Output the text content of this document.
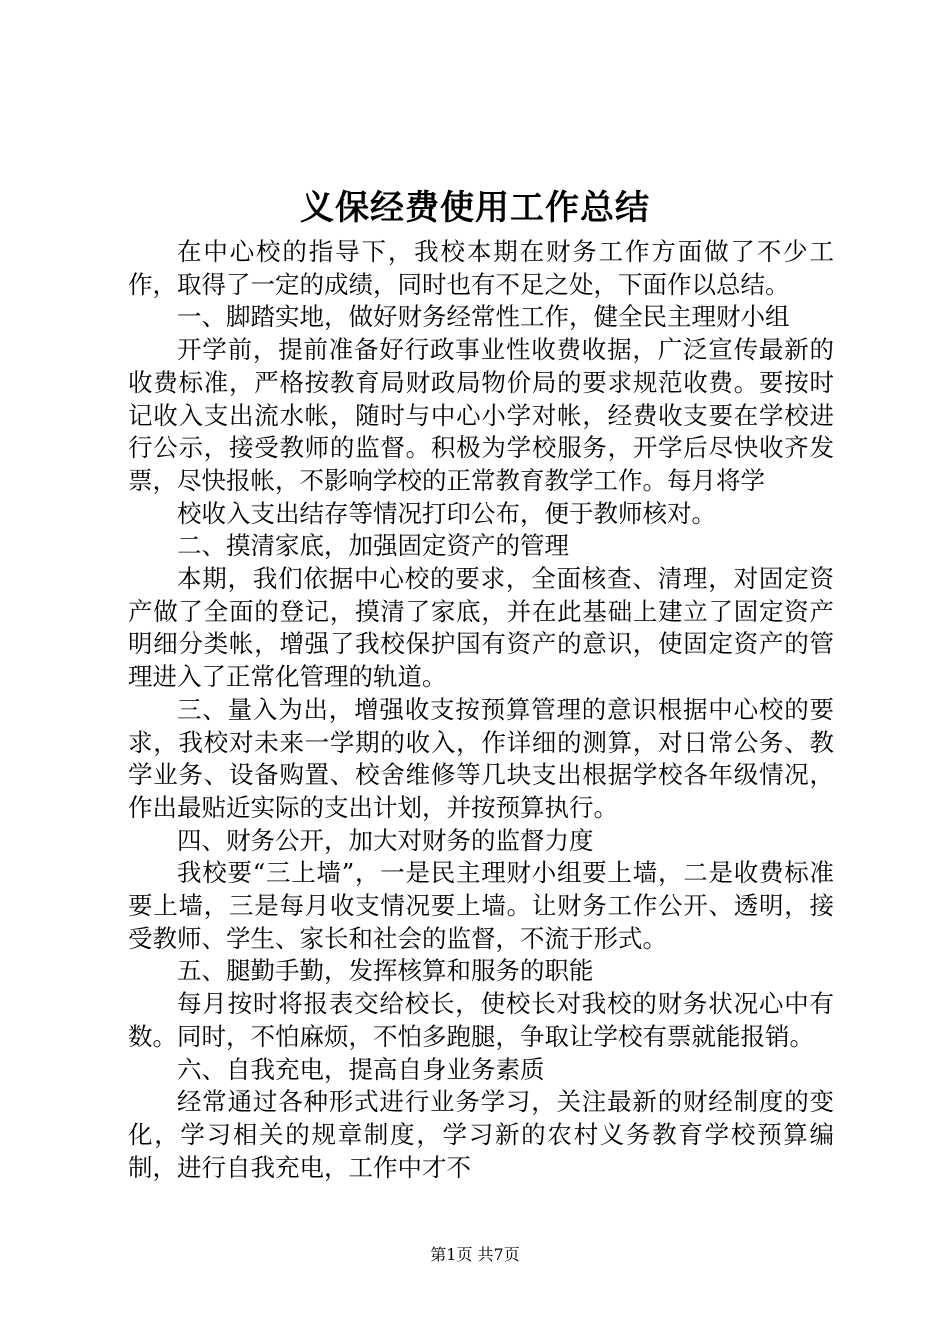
义保经费使用工作总结

在中心校的指导下，我校本期在财务工作方面做了不少工作，取得了一定的成绩，同时也有不足之处，下面作以总结。

一、脚踏实地，做好财务经常性工作，健全民主理财小组

开学前，提前准备好行政事业性收费收据，广泛宣传最新的收费标准，严格按教育局财政局物价局的要求规范收费。要按时记收入支出流水帐，随时与中心小学对帐，经费收支要在学校进行公示，接受教师的监督。积极为学校服务，开学后尽快收齐发票，尽快报帐，不影响学校的正常教育教学工作。每月将学

校收入支出结存等情况打印公布，便于教师核对。

二、摸清家底，加强固定资产的管理

本期，我们依据中心校的要求，全面核查、清理，对固定资产做了全面的登记，摸清了家底，并在此基础上建立了固定资产明细分类帐，增强了我校保护国有资产的意识，使固定资产的管理进入了正常化管理的轨道。

三、量入为出，增强收支按预算管理的意识根据中心校的要求，我校对未来一学期的收入，作详细的测算，对日常公务、教学业务、设备购置、校舍维修等几块支出根据学校各年级情况，作出最贴近实际的支出计划，并按预算执行。

四、财务公开，加大对财务的监督力度

我校要“三上墙”，一是民主理财小组要上墙，二是收费标准要上墙，三是每月收支情况要上墙。让财务工作公开、透明，接受教师、学生、家长和社会的监督，不流于形式。

五、腿勤手勤，发挥核算和服务的职能

每月按时将报表交给校长，使校长对我校的财务状况心中有数。同时，不怕麻烦，不怕多跑腿，争取让学校有票就能报销。

六、自我充电，提高自身业务素质

经常通过各种形式进行业务学习，关注最新的财经制度的变化，学习相关的规章制度，学习新的农村义务教育学校预算编制，进行自我充电，工作中才不

第1页 共7页
